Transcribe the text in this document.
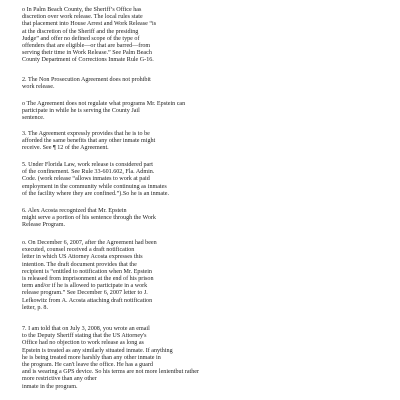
o In Palm Beach County, the Sheriff’s Office has
discretion over work release. The local rules state
that placement into House Arrest and Work Release “is
at the discretion of the Sheriff and the presiding
Judge” and offer no defined scope of the type of
offenders that are eligible—or that are barred—from
serving their time in Work Release.” See Palm Beach
County Department of Corrections Inmate Rule G-16.
2. The Non Prosecution Agreement does not prohibit
work release.
o The Agreement does not regulate what programs Mr. Epstein can
participate in while he is serving the County Jail
sentence.
3. The Agreement expressly provides that he is to be
afforded the same benefits that any other inmate might
receive. See ¶ 12 of the Agreement.
5. Under Florida Law, work release is considered part
of the confinement. See Rule 33-601.602, Fla. Admin.
Code. (work release “allows inmates to work at paid
employment in the community while continuing as inmates
of the facility where they are confined.”).So he is an inmate.
6. Alex Acosta recognized that Mr. Epstein
might serve a portion of his sentence through the Work
Release Program.
o. On December 6, 2007, after the Agreement had been
executed, counsel received a draft notification
letter in which US Attorney Acosta expresses this
intention. The draft document provides that the
recipient is “entitled to notification when Mr. Epstein
is released from imprisonment at the end of his prison
term and/or if he is allowed to participate in a work
release program.” See December 6, 2007 letter to J.
Lefkowitz from A. Acosta attaching draft notification
letter, p. 8.
7. I am told that on July 3, 2008, you wrote an email
to the Deputy Sheriff stating that the US Attorney's
Office had no objection to work release as long as
Epstein is treated as any similarly situated inmate. If anything
he is being treated more harshly than any other inmate in
the program. He can't leave the office. He has a guard
and is wearing a GPS device. So his terms are not more lenientbut rather
more restrictive than any other
inmate in the program.
